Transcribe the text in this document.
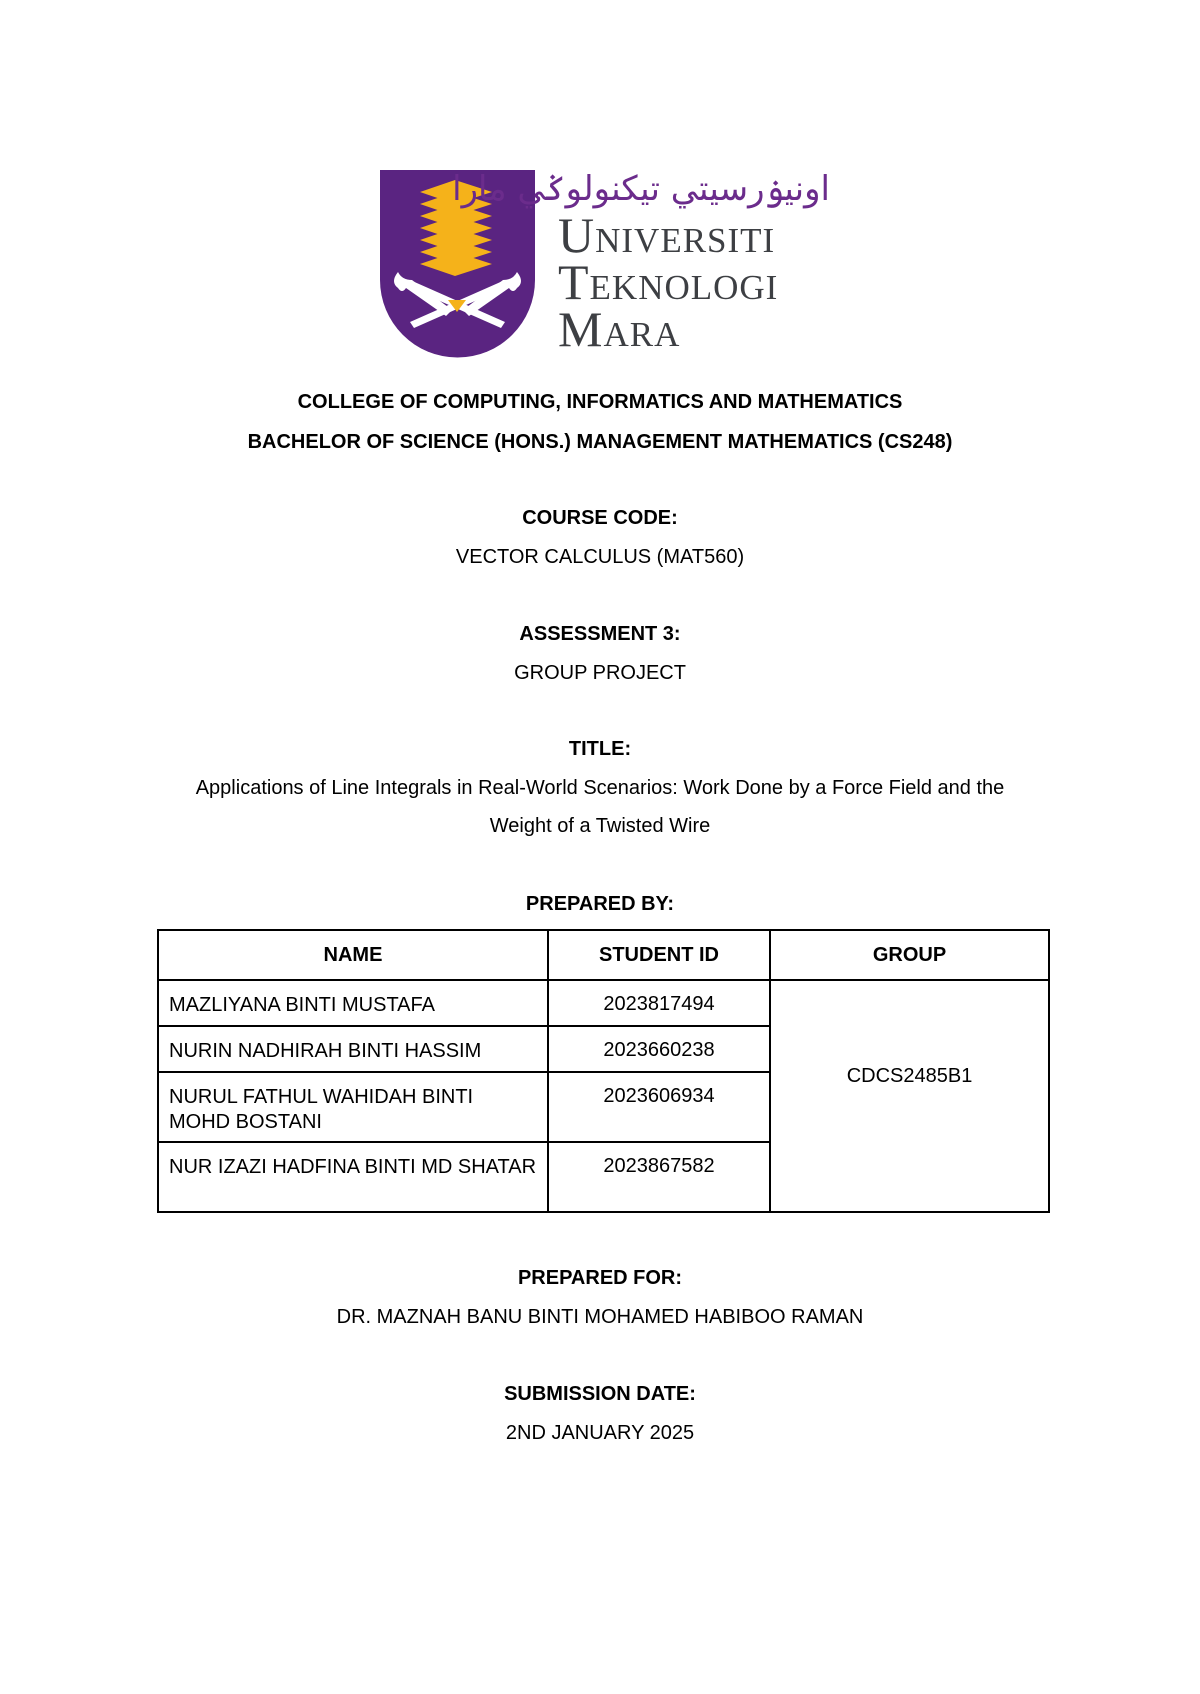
اونيۏرسيتي تيكنولوݢي مارا
Universiti
Teknologi
Mara
COLLEGE OF COMPUTING, INFORMATICS AND MATHEMATICS
BACHELOR OF SCIENCE (HONS.) MANAGEMENT MATHEMATICS (CS248)
COURSE CODE:
VECTOR CALCULUS (MAT560)
ASSESSMENT 3:
GROUP PROJECT
TITLE:
Applications of Line Integrals in Real-World Scenarios: Work Done by a Force Field and the
Weight of a Twisted Wire
PREPARED BY:
NAME	STUDENT ID	GROUP
MAZLIYANA BINTI MUSTAFA	2023817494	CDCS2485B1
NURIN NADHIRAH BINTI HASSIM	2023660238	
NURUL FATHUL WAHIDAH BINTI MOHD BOSTANI	2023606934	
NUR IZAZI HADFINA BINTI MD SHATAR	2023867582	
PREPARED FOR:
DR. MAZNAH BANU BINTI MOHAMED HABIBOO RAMAN
SUBMISSION DATE:
2ND JANUARY 2025
